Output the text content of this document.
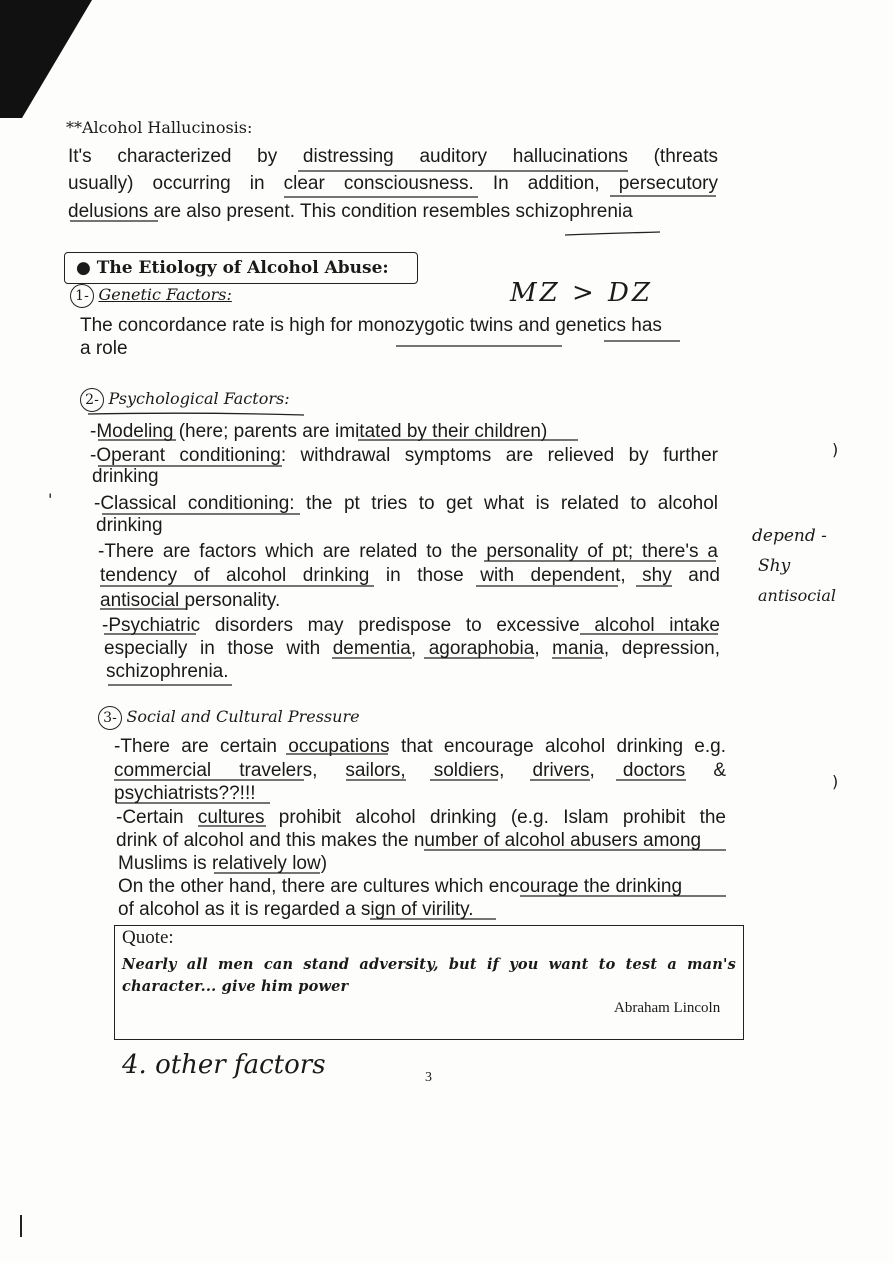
**Alcohol Hallucinosis:
It's characterized by distressing auditory hallucinations (threats
usually) occurring in clear consciousness. In addition, persecutory
delusions are also present. This condition resembles schizophrenia
● The Etiology of Alcohol Abuse:
1- Genetic Factors:	MZ > DZ
The concordance rate is high for monozygotic twins and genetics has
a role
2- Psychological Factors:
-Modeling (here; parents are imitated by their children)
-Operant conditioning: withdrawal symptoms are relieved by further
drinking
-Classical conditioning: the pt tries to get what is related to alcohol
drinking
-There are factors which are related to the personality of pt; there's a
tendency of alcohol drinking in those with dependent, shy and
antisocial personality.
-Psychiatric disorders may predispose to excessive alcohol intake
especially in those with dementia, agoraphobia, mania, depression,
schizophrenia.
depend -
Shy
antisocial
3- Social and Cultural Pressure
-There are certain occupations that encourage alcohol drinking e.g.
commercial travelers, sailors, soldiers, drivers, doctors &
psychiatrists??!!!
-Certain cultures prohibit alcohol drinking (e.g. Islam prohibit the
drink of alcohol and this makes the number of alcohol abusers among
Muslims is relatively low)
On the other hand, there are cultures which encourage the drinking
of alcohol as it is regarded a sign of virility.
Quote:
Nearly all men can stand adversity, but if you want to test a man's
character... give him power
Abraham Lincoln
4. other factors	3
)
)
'
